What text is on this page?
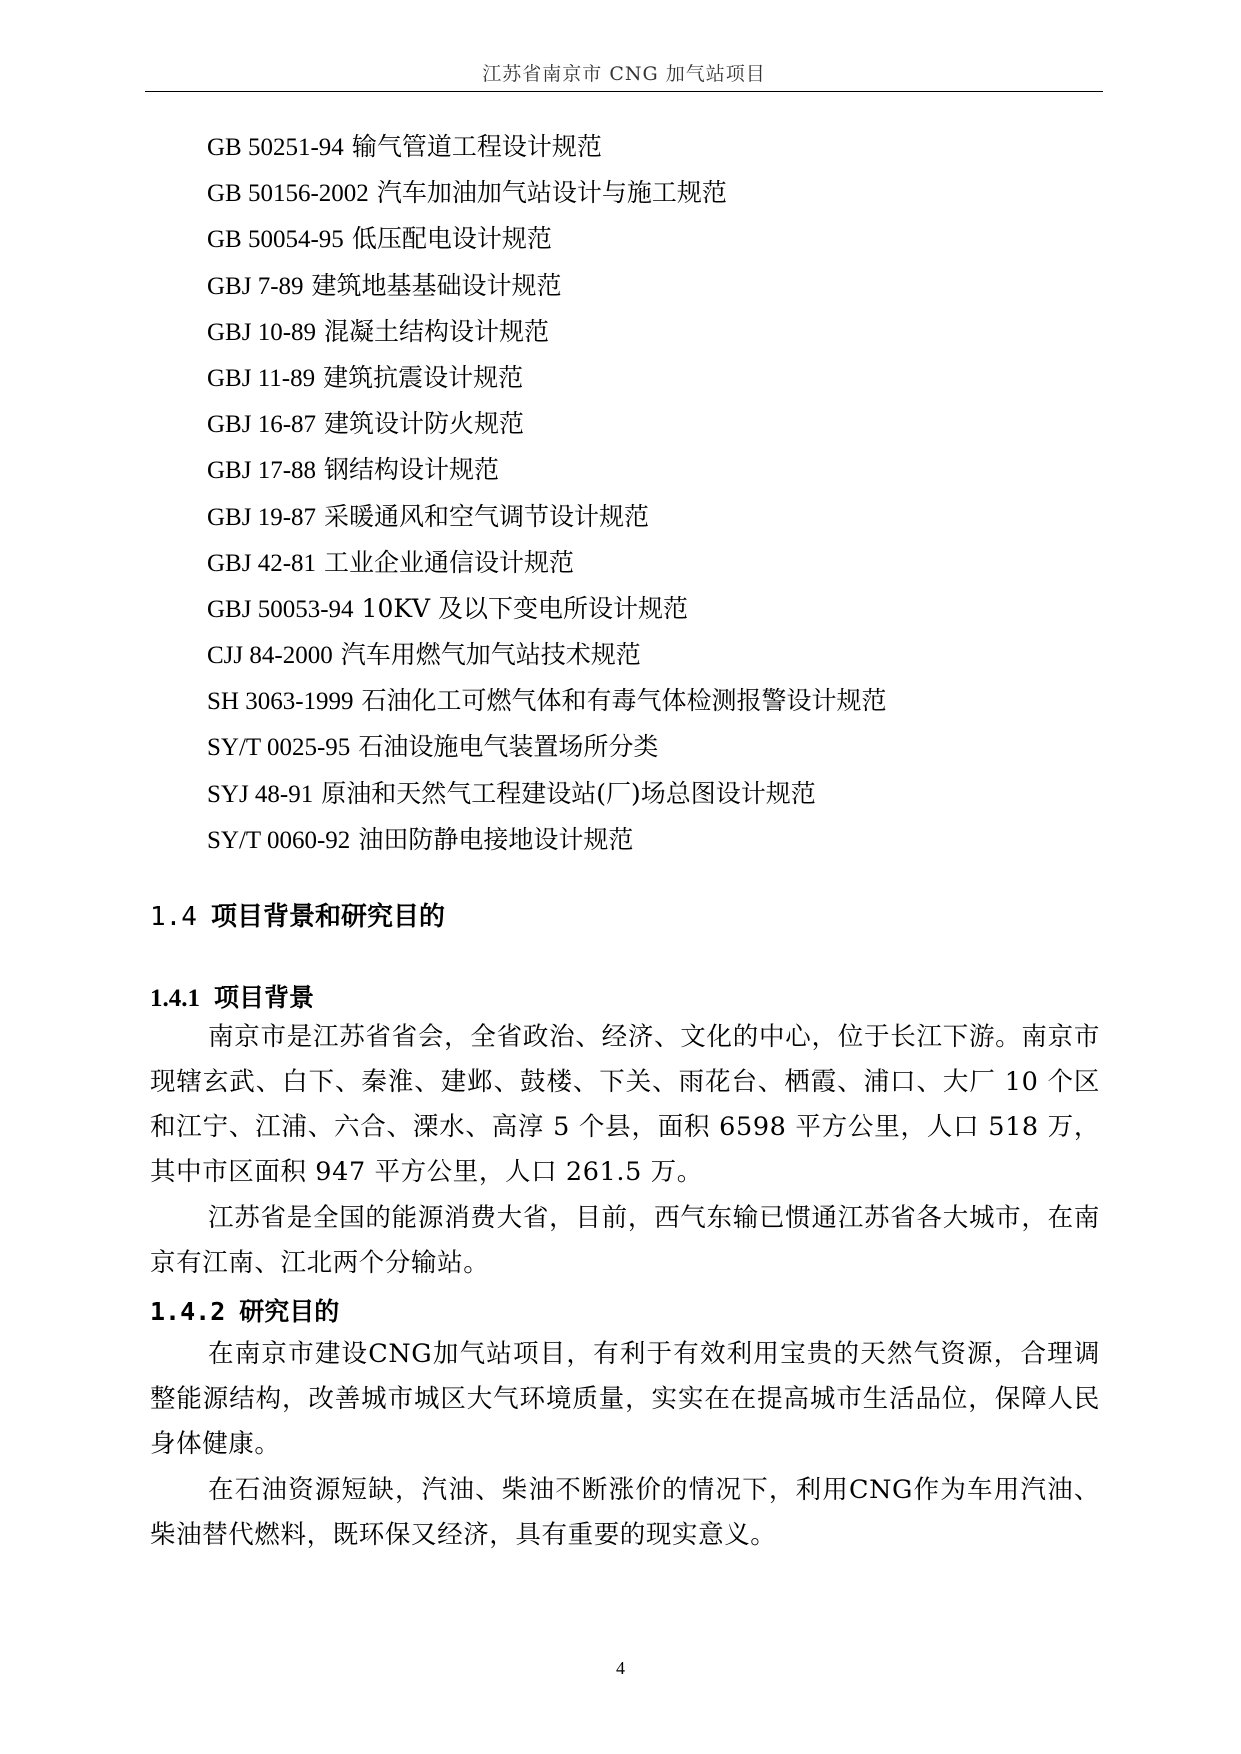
江苏省南京市 CNG 加气站项目
GB 50251-94 输气管道工程设计规范
GB 50156-2002 汽车加油加气站设计与施工规范
GB 50054-95 低压配电设计规范
GBJ 7-89 建筑地基基础设计规范
GBJ 10-89 混凝土结构设计规范
GBJ 11-89 建筑抗震设计规范
GBJ 16-87 建筑设计防火规范
GBJ 17-88 钢结构设计规范
GBJ 19-87 采暖通风和空气调节设计规范
GBJ 42-81 工业企业通信设计规范
GBJ 50053-94 10KV 及以下变电所设计规范
CJJ 84-2000 汽车用燃气加气站技术规范
SH 3063-1999 石油化工可燃气体和有毒气体检测报警设计规范
SY/T 0025-95 石油设施电气装置场所分类
SYJ 48-91 原油和天然气工程建设站(厂)场总图设计规范
SY/T 0060-92 油田防静电接地设计规范
1.4 项目背景和研究目的
1.4.1 项目背景

南京市是江苏省省会，全省政治、经济、文化的中心，位于长江下游。南京市现辖玄武、白下、秦淮、建邺、鼓楼、下关、雨花台、栖霞、浦口、大厂 10 个区和江宁、江浦、六合、溧水、高淳 5 个县，面积 6598 平方公里，人口 518 万，其中市区面积 947 平方公里，人口 261.5 万。

江苏省是全国的能源消费大省，目前，西气东输已惯通江苏省各大城市，在南京有江南、江北两个分输站。

1.4.2 研究目的

在南京市建设CNG加气站项目，有利于有效利用宝贵的天然气资源，合理调整能源结构，改善城市城区大气环境质量，实实在在提高城市生活品位，保障人民身体健康。

在石油资源短缺，汽油、柴油不断涨价的情况下，利用CNG作为车用汽油、柴油替代燃料，既环保又经济，具有重要的现实意义。

4
